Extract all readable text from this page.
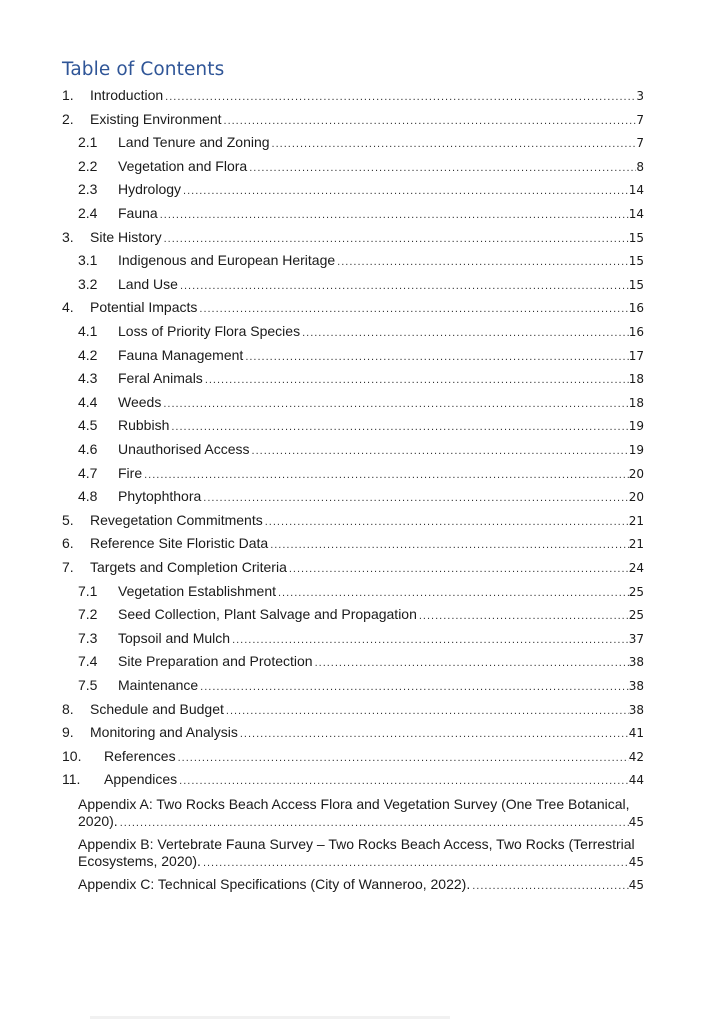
Table of Contents
1. Introduction .....	3
2. Existing Environment .....	7
2.1 Land Tenure and Zoning .....	7
2.2 Vegetation and Flora .....	8
2.3 Hydrology .....	14
2.4 Fauna .....	14
3. Site History .....	15
3.1 Indigenous and European Heritage .....	15
3.2 Land Use .....	15
4. Potential Impacts .....	16
4.1 Loss of Priority Flora Species .....	16
4.2 Fauna Management .....	17
4.3 Feral Animals .....	18
4.4 Weeds .....	18
4.5 Rubbish .....	19
4.6 Unauthorised Access .....	19
4.7 Fire .....	20
4.8 Phytophthora .....	20
5. Revegetation Commitments .....	21
6. Reference Site Floristic Data .....	21
7. Targets and Completion Criteria .....	24
7.1 Vegetation Establishment .....	25
7.2 Seed Collection, Plant Salvage and Propagation .....	25
7.3 Topsoil and Mulch .....	37
7.4 Site Preparation and Protection .....	38
7.5 Maintenance .....	38
8. Schedule and Budget .....	38
9. Monitoring and Analysis .....	41
10. References .....	42
11. Appendices .....	44
Appendix A: Two Rocks Beach Access Flora and Vegetation Survey (One Tree Botanical,
2020). .....	45
Appendix B: Vertebrate Fauna Survey – Two Rocks Beach Access, Two Rocks (Terrestrial
Ecosystems, 2020). .....	45
Appendix C: Technical Specifications (City of Wanneroo, 2022). .....	45
